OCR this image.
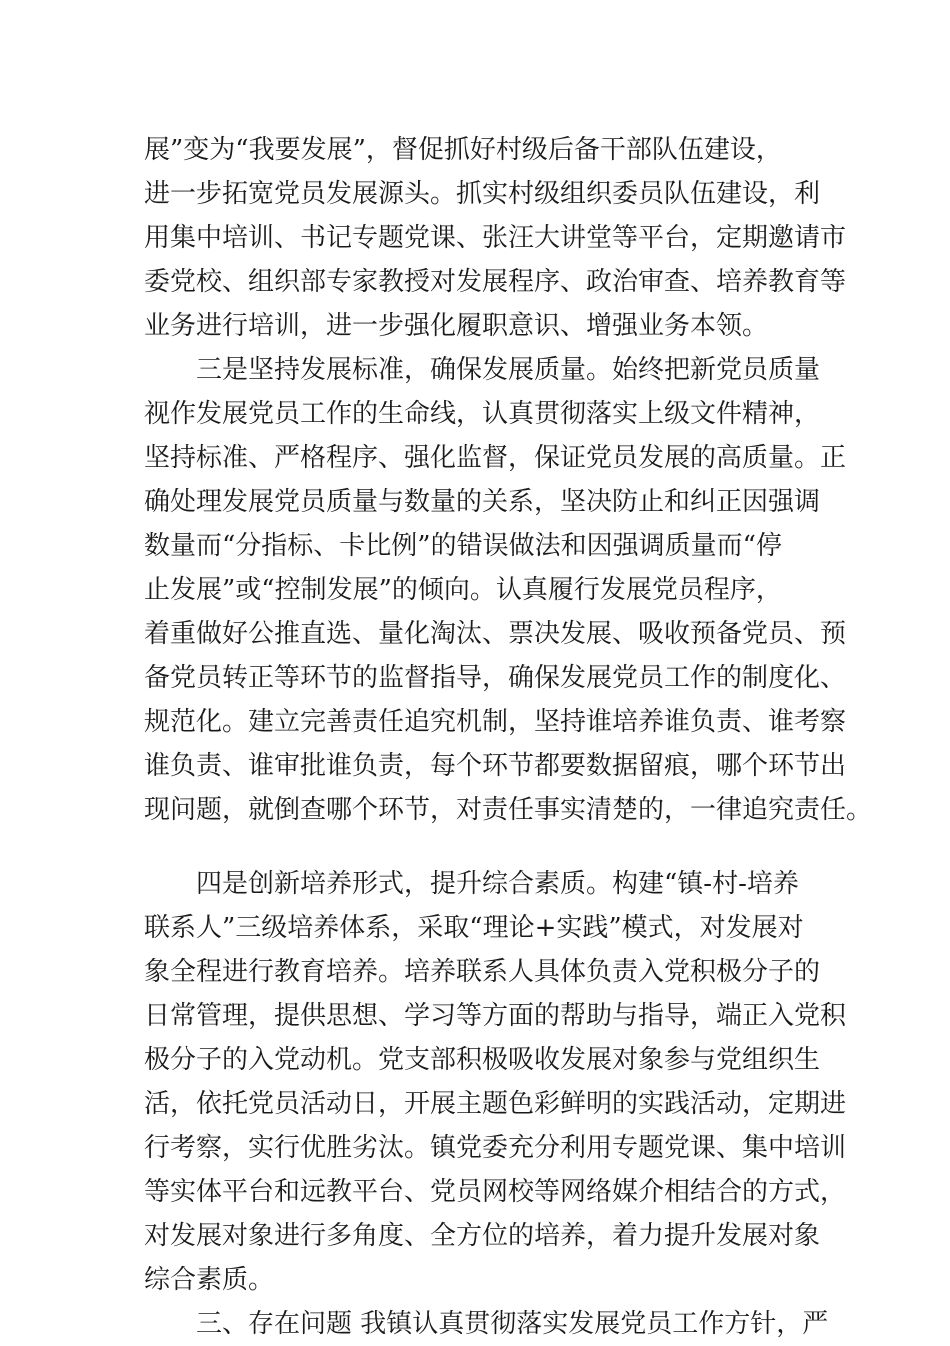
展”变为“我要发展”，督促抓好村级后备干部队伍建设，
进一步拓宽党员发展源头。抓实村级组织委员队伍建设，利
用集中培训、书记专题党课、张汪大讲堂等平台，定期邀请市
委党校、组织部专家教授对发展程序、政治审查、培养教育等
业务进行培训，进一步强化履职意识、增强业务本领。
三是坚持发展标准，确保发展质量。始终把新党员质量
视作发展党员工作的生命线，认真贯彻落实上级文件精神，
坚持标准、严格程序、强化监督，保证党员发展的高质量。正
确处理发展党员质量与数量的关系，坚决防止和纠正因强调
数量而“分指标、卡比例”的错误做法和因强调质量而“停
止发展”或“控制发展”的倾向。认真履行发展党员程序，
着重做好公推直选、量化淘汰、票决发展、吸收预备党员、预
备党员转正等环节的监督指导，确保发展党员工作的制度化、
规范化。建立完善责任追究机制，坚持谁培养谁负责、谁考察
谁负责、谁审批谁负责，每个环节都要数据留痕，哪个环节出
现问题，就倒查哪个环节，对责任事实清楚的，一律追究责任。
四是创新培养形式，提升综合素质。构建“镇-村-培养
联系人”三级培养体系，采取“理论+实践”模式，对发展对
象全程进行教育培养。培养联系人具体负责入党积极分子的
日常管理，提供思想、学习等方面的帮助与指导，端正入党积
极分子的入党动机。党支部积极吸收发展对象参与党组织生
活，依托党员活动日，开展主题色彩鲜明的实践活动，定期进
行考察，实行优胜劣汰。镇党委充分利用专题党课、集中培训
等实体平台和远教平台、党员网校等网络媒介相结合的方式，
对发展对象进行多角度、全方位的培养，着力提升发展对象
综合素质。
三、存在问题 我镇认真贯彻落实发展党员工作方针，严
